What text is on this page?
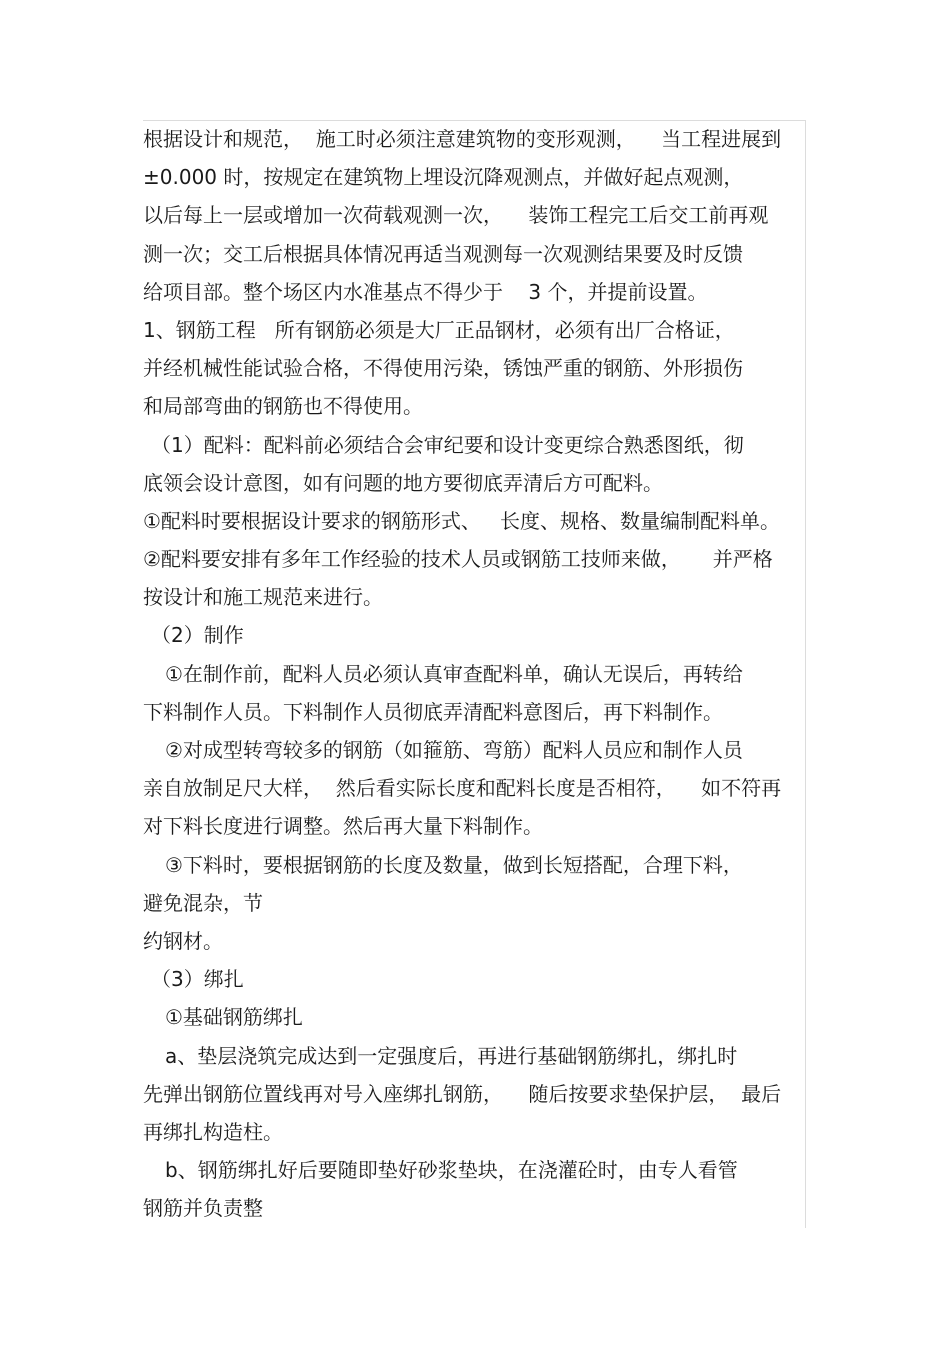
根据设计和规范，  施工时必须注意建筑物的变形观测，    当工程进展到
±0.000 时，按规定在建筑物上埋设沉降观测点，并做好起点观测，
以后每上一层或增加一次荷载观测一次，    装饰工程完工后交工前再观
测一次；交工后根据具体情况再适当观测每一次观测结果要及时反馈
给项目部。整个场区内水准基点不得少于    3 个，并提前设置。
1、钢筋工程   所有钢筋必须是大厂正品钢材，必须有出厂合格证，
并经机械性能试验合格，不得使用污染，锈蚀严重的钢筋、外形损伤
和局部弯曲的钢筋也不得使用。
（1）配料：配料前必须结合会审纪要和设计变更综合熟悉图纸，彻
底领会设计意图，如有问题的地方要彻底弄清后方可配料。
①配料时要根据设计要求的钢筋形式、   长度、规格、数量编制配料单。
②配料要安排有多年工作经验的技术人员或钢筋工技师来做，     并严格
按设计和施工规范来进行。
（2）制作
①在制作前，配料人员必须认真审查配料单，确认无误后，再转给
下料制作人员。下料制作人员彻底弄清配料意图后，再下料制作。
②对成型转弯较多的钢筋（如箍筋、弯筋）配料人员应和制作人员
亲自放制足尺大样，  然后看实际长度和配料长度是否相符，    如不符再
对下料长度进行调整。然后再大量下料制作。
③下料时，要根据钢筋的长度及数量，做到长短搭配，合理下料，
避免混杂，节
约钢材。
（3）绑扎
①基础钢筋绑扎
a、垫层浇筑完成达到一定强度后，再进行基础钢筋绑扎，绑扎时
先弹出钢筋位置线再对号入座绑扎钢筋，    随后按要求垫保护层，  最后
再绑扎构造柱。
b、钢筋绑扎好后要随即垫好砂浆垫块，在浇灌砼时，由专人看管
钢筋并负责整
